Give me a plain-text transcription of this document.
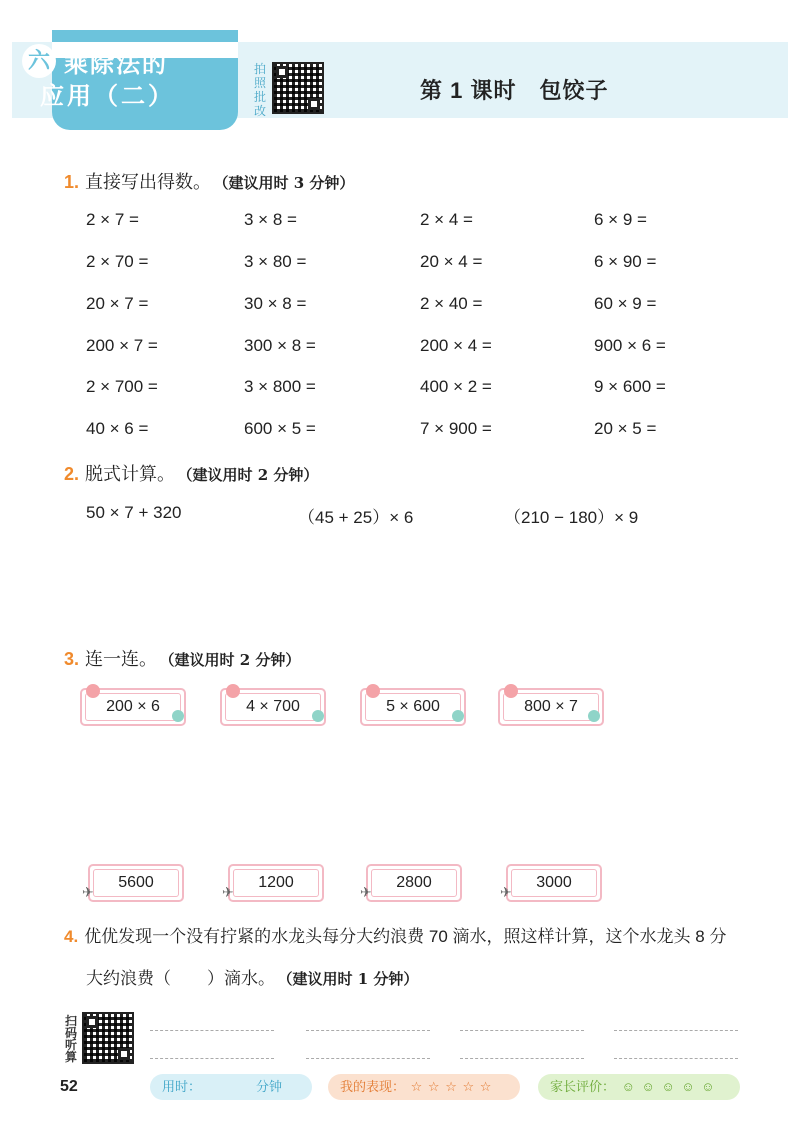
六 乘除法的
应用（二）
拍
照
批
改
第 1 课时　包饺子
1. 直接写出得数。 （建议用时 3 分钟）
2 × 7 =	3 × 8 =	2 × 4 =	6 × 9 =
2 × 70 =	3 × 80 =	20 × 4 =	6 × 90 =
20 × 7 =	30 × 8 =	2 × 40 =	60 × 9 =
200 × 7 =	300 × 8 =	200 × 4 =	900 × 6 =
2 × 700 =	3 × 800 =	400 × 2 =	9 × 600 =
40 × 6 =	600 × 5 =	7 × 900 =	20 × 5 =
2. 脱式计算。 （建议用时 2 分钟）
50 × 7 + 320	（45 + 25）× 6	（210 − 180）× 9
3. 连一连。 （建议用时 2 分钟）
200 × 6	4 × 700	5 × 600	800 × 7
5600
✈
1200
✈
2800
✈
3000
✈
4. 优优发现一个没有拧紧的水龙头每分大约浪费 70 滴水，照这样计算，这个水龙头 8 分
大约浪费（ ）滴水。 （建议用时 1 分钟）
扫
码
听
算
52	用时：	分钟	我的表现： ☆ ☆ ☆ ☆ ☆	家长评价： ☺ ☺ ☺ ☺ ☺
